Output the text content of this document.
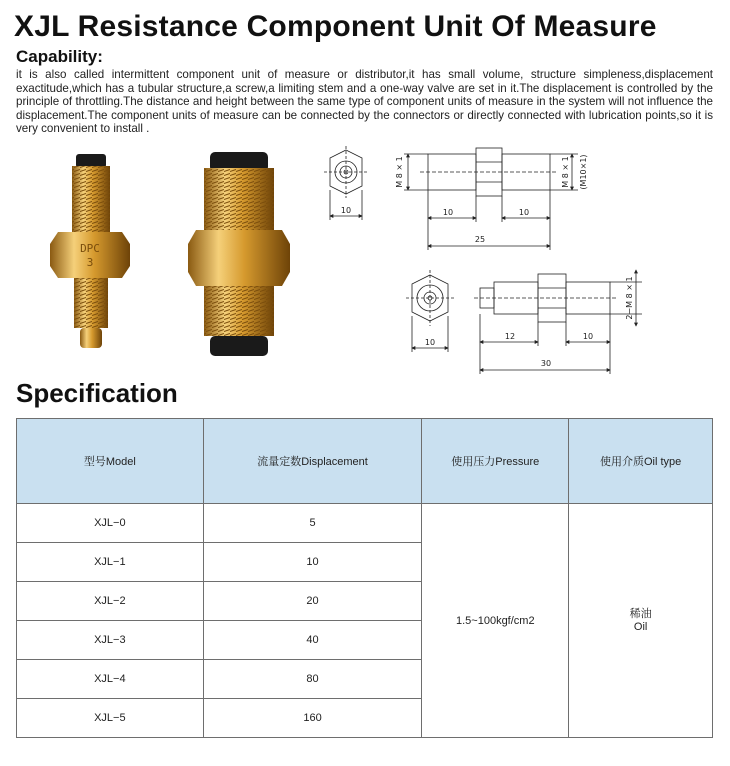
XJL Resistance Component Unit Of Measure
Capability:

it is also called intermittent component unit of measure or distributor,it has small volume, structure simpleness,displacement exactitude,which has a tubular structure,a screw,a limiting stem and a one-way valve are set in it.The displacement is controlled by the principle of throttling.The distance and height between the same type of component units of measure in the system will not influence the displacement.The component units of measure can be connected by the connectors or directly connected with lubrication points,so it is very convenient to install .

DPC
3
10	10	10
25
M 8 × 1	M 8 × 1 (M10×1)
10
12	10
30
2−M 8 × 1
Specification
型号Model	流量定数Displacement	使用压力Pressure	使用介质Oil type
XJL−0	5	1.5~100kgf/cm2	稀油
Oil

XJL−1	10		
XJL−2	20		
XJL−3	40		
XJL−4	80		
XJL−5	160		
